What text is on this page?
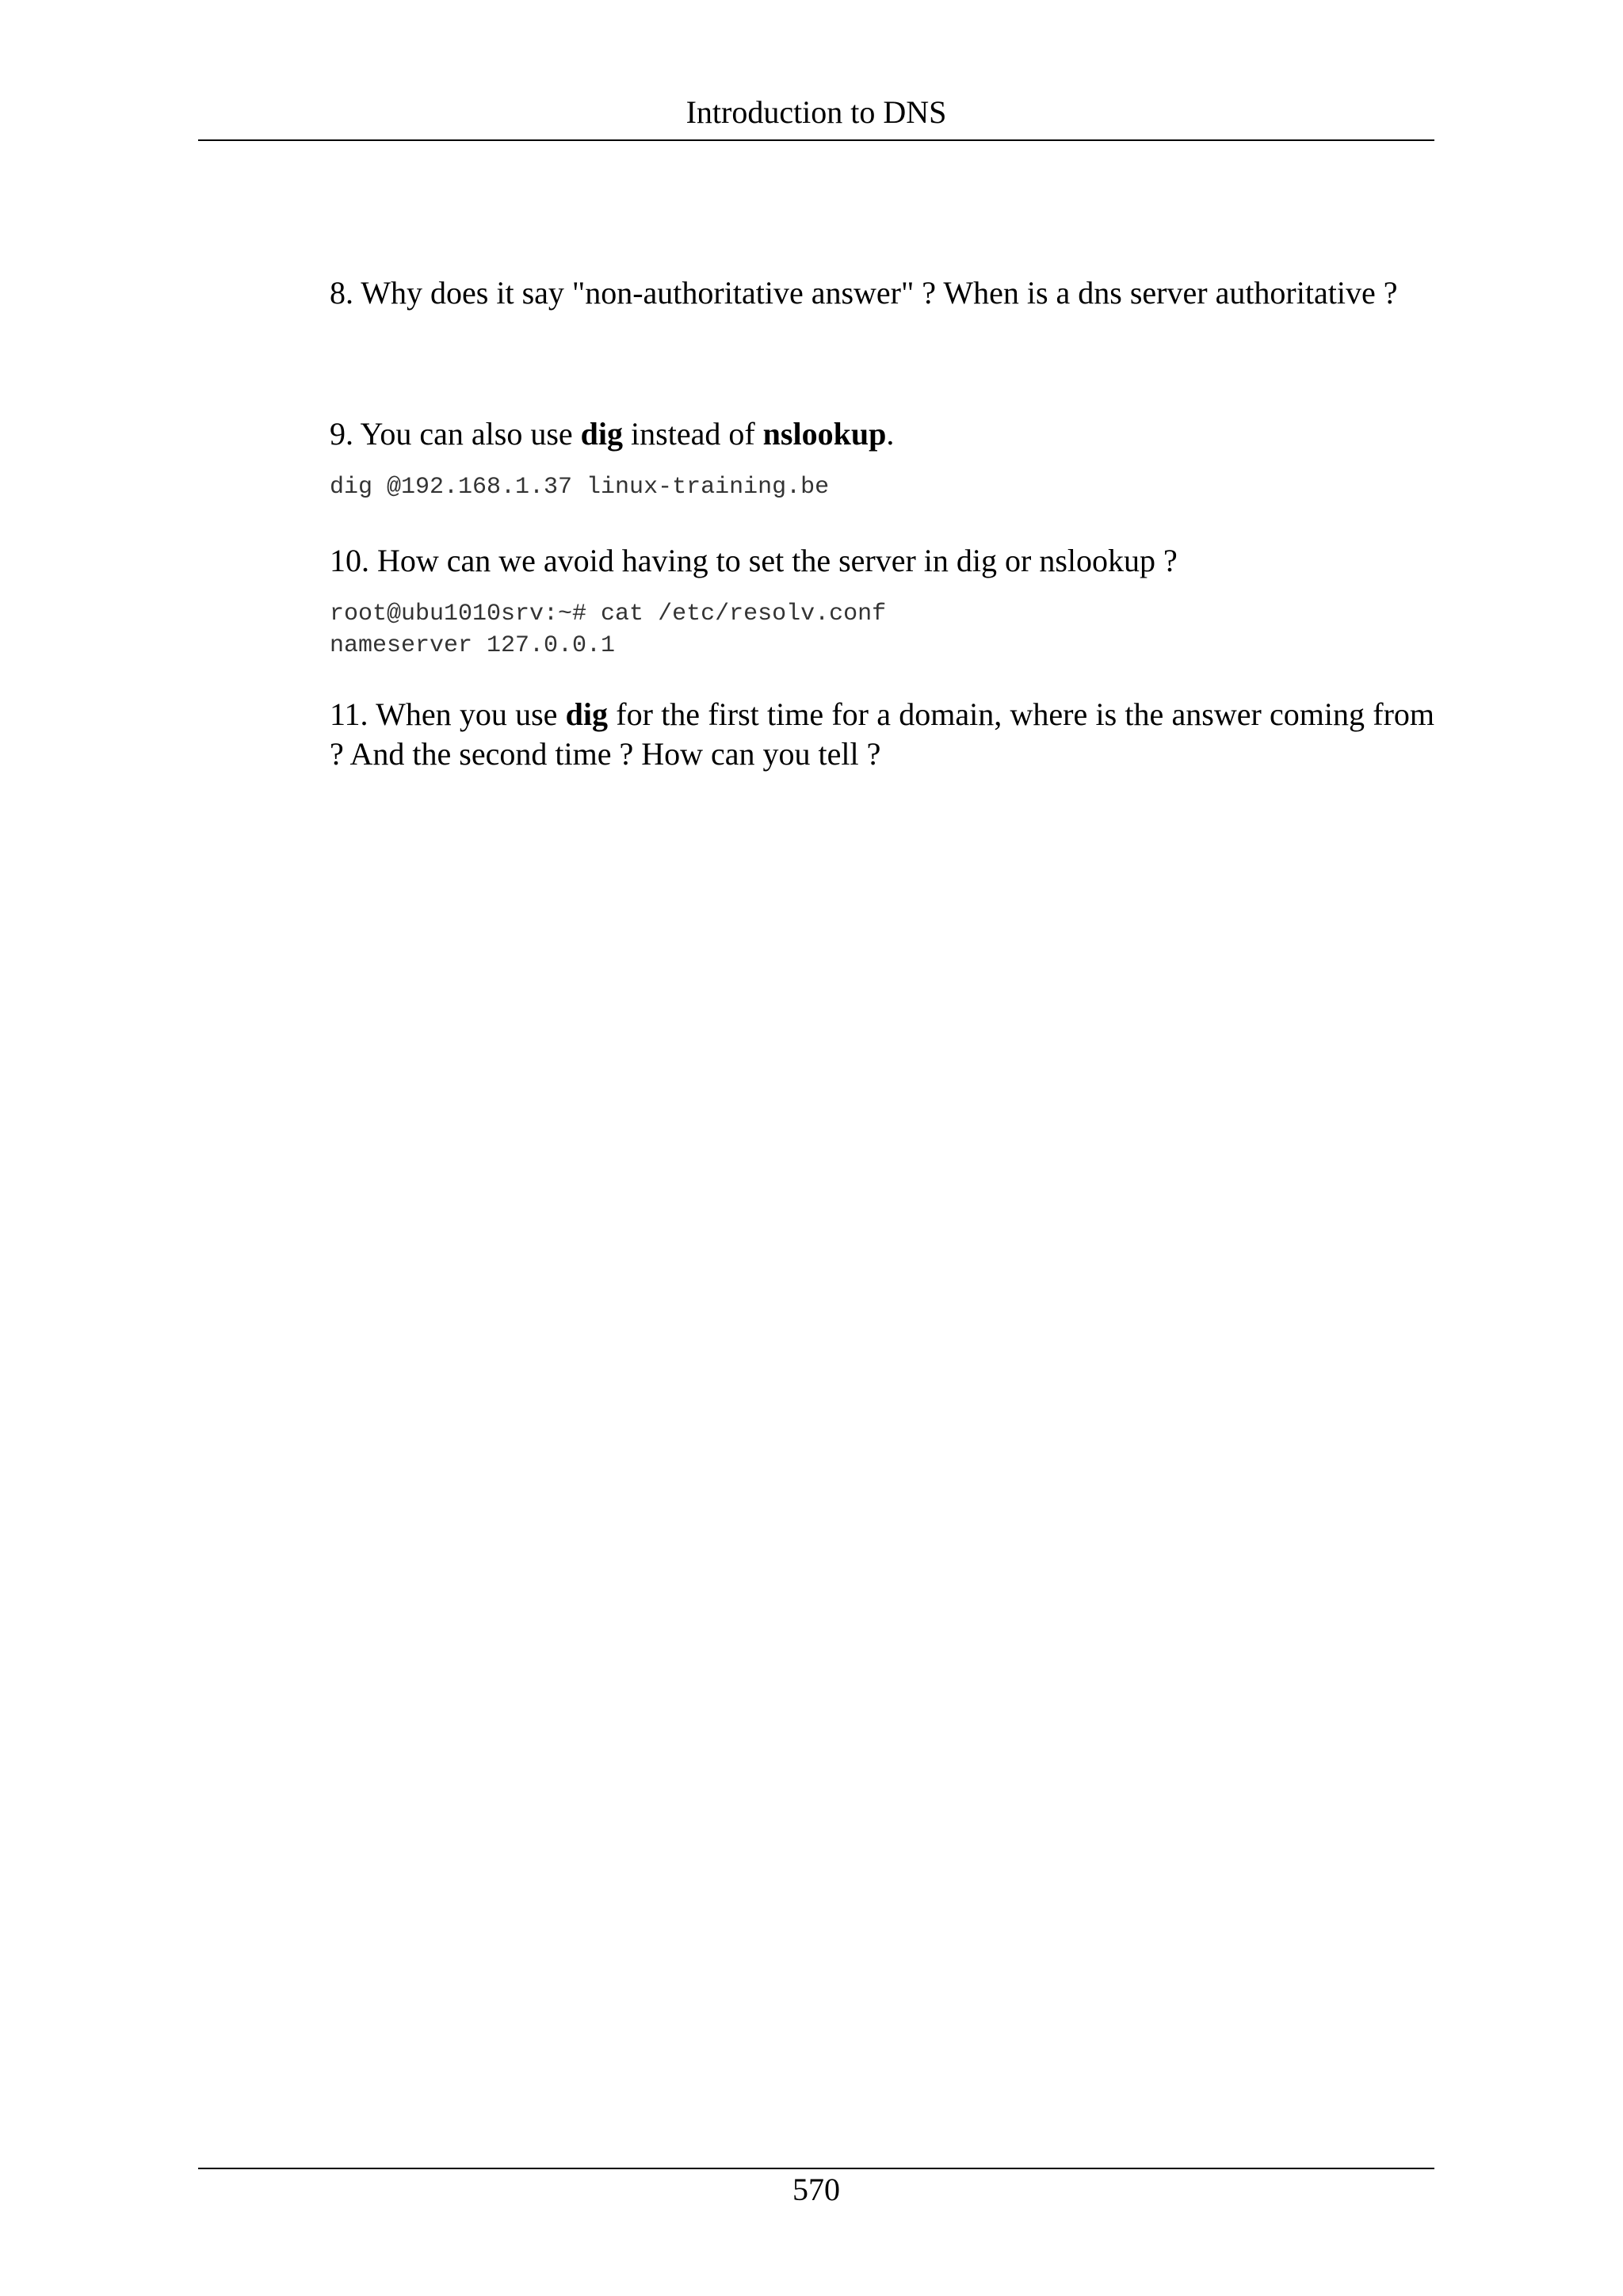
Introduction to DNS

8. Why does it say "non-authoritative answer" ? When is a dns server authoritative ?

9. You can also use dig instead of nslookup.

dig @192.168.1.37 linux-training.be

10. How can we avoid having to set the server in dig or nslookup ?

root@ubu1010srv:~# cat /etc/resolv.conf
nameserver 127.0.0.1

11. When you use dig for the first time for a domain, where is the answer coming from ? And the second time ? How can you tell ?

570
